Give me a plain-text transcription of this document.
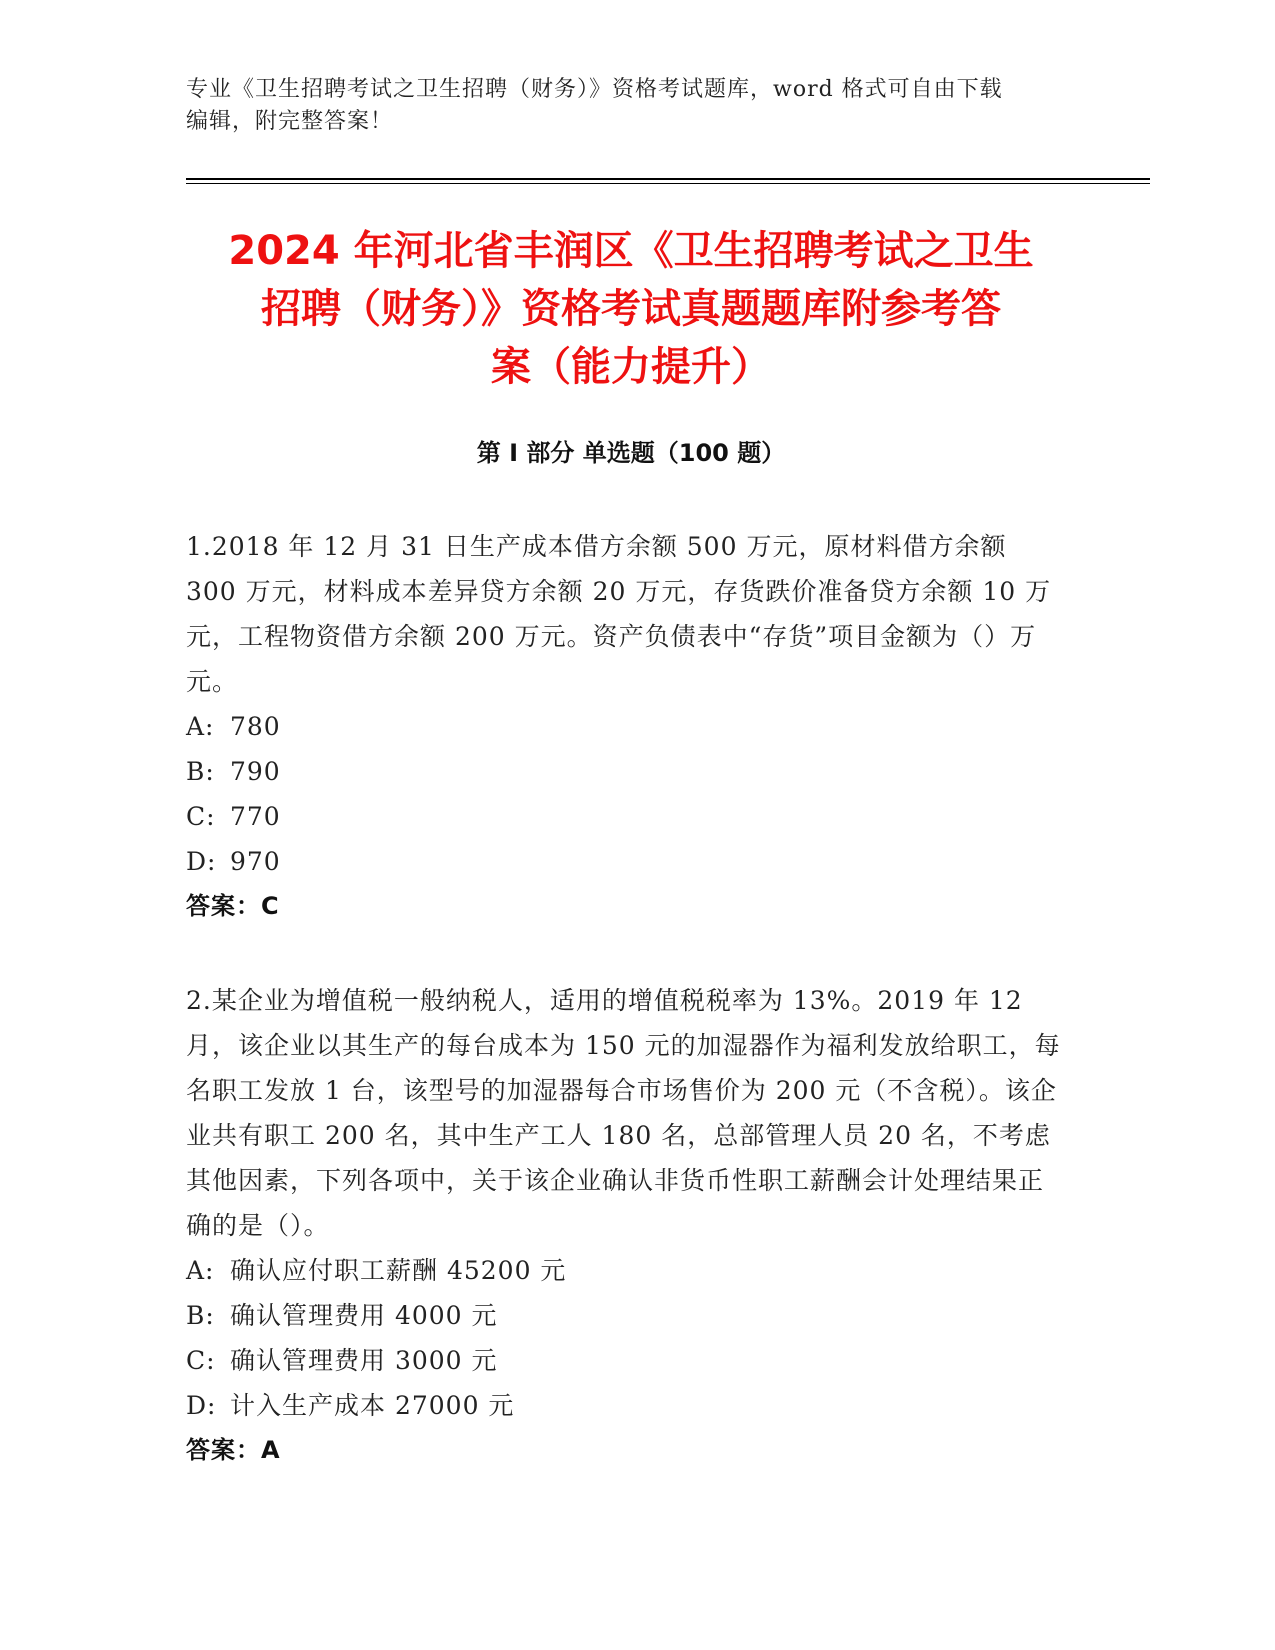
专业《卫生招聘考试之卫生招聘（财务）》资格考试题库，word 格式可自由下载
编辑，附完整答案！
2024 年河北省丰润区《卫生招聘考试之卫生
招聘（财务）》资格考试真题题库附参考答
案（能力提升）
第 I 部分 单选题（100 题）

1.2018 年 12 月 31 日生产成本借方余额 500 万元，原材料借方余额 300 万元，材料成本差异贷方余额 20 万元，存货跌价准备贷方余额 10 万元，工程物资借方余额 200 万元。资产负债表中“存货”项目金额为（）万元。

A: 780

B: 790

C: 770

D: 970

答案：C

2.某企业为增值税一般纳税人，适用的增值税税率为 13%。2019 年 12 月，该企业以其生产的每台成本为 150 元的加湿器作为福利发放给职工，每名职工发放 1 台，该型号的加湿器每合市场售价为 200 元（不含税）。该企业共有职工 200 名，其中生产工人 180 名，总部管理人员 20 名，不考虑其他因素，下列各项中，关于该企业确认非货币性职工薪酬会计处理结果正确的是（）。

A: 确认应付职工薪酬 45200 元

B: 确认管理费用 4000 元

C: 确认管理费用 3000 元

D: 计入生产成本 27000 元

答案：A
